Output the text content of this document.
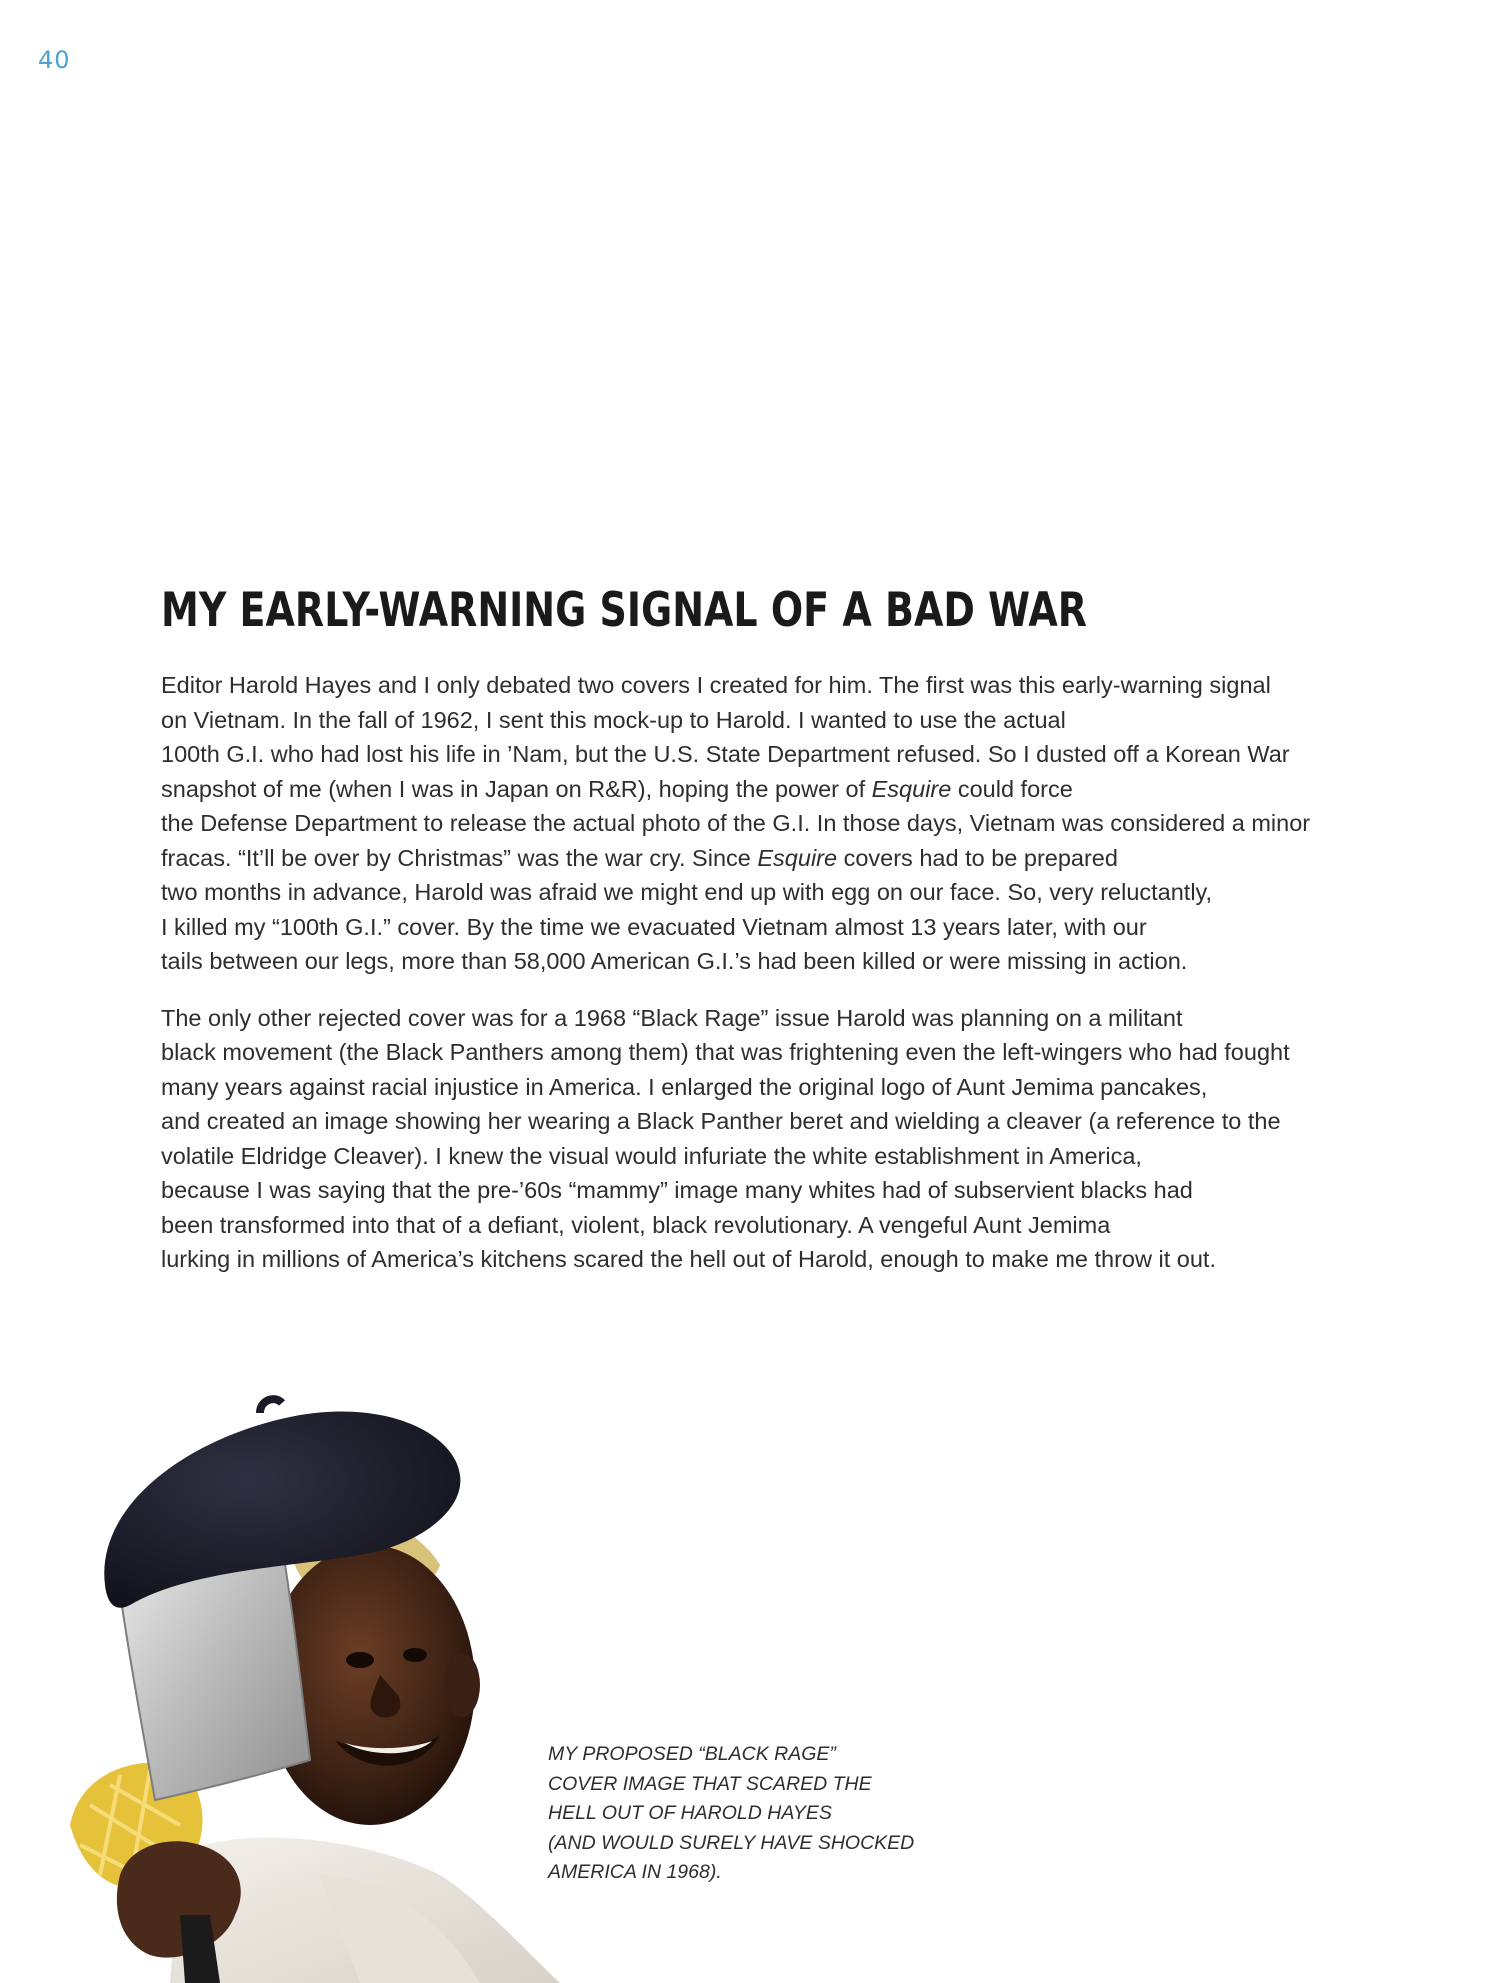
40
MY EARLY-WARNING SIGNAL OF A BAD WAR

Editor Harold Hayes and I only debated two covers I created for him. The first was this early-warning signal
on Vietnam. In the fall of 1962, I sent this mock-up to Harold. I wanted to use the actual
100th G.I. who had lost his life in ’Nam, but the U.S. State Department refused. So I dusted off a Korean War
snapshot of me (when I was in Japan on R&R), hoping the power of Esquire could force
the Defense Department to release the actual photo of the G.I. In those days, Vietnam was considered a minor
fracas. “It’ll be over by Christmas” was the war cry. Since Esquire covers had to be prepared
two months in advance, Harold was afraid we might end up with egg on our face. So, very reluctantly,
I killed my “100th G.I.” cover. By the time we evacuated Vietnam almost 13 years later, with our
tails between our legs, more than 58,000 American G.I.’s had been killed or were missing in action.

The only other rejected cover was for a 1968 “Black Rage” issue Harold was planning on a militant
black movement (the Black Panthers among them) that was frightening even the left-wingers who had fought
many years against racial injustice in America. I enlarged the original logo of Aunt Jemima pancakes,
and created an image showing her wearing a Black Panther beret and wielding a cleaver (a reference to the
volatile Eldridge Cleaver). I knew the visual would infuriate the white establishment in America,
because I was saying that the pre-’60s “mammy” image many whites had of subservient blacks had
been transformed into that of a defiant, violent, black revolutionary. A vengeful Aunt Jemima
lurking in millions of America’s kitchens scared the hell out of Harold, enough to make me throw it out.

MY PROPOSED “BLACK RAGE”
COVER IMAGE THAT SCARED THE
HELL OUT OF HAROLD HAYES
(AND WOULD SURELY HAVE SHOCKED
AMERICA IN 1968).
